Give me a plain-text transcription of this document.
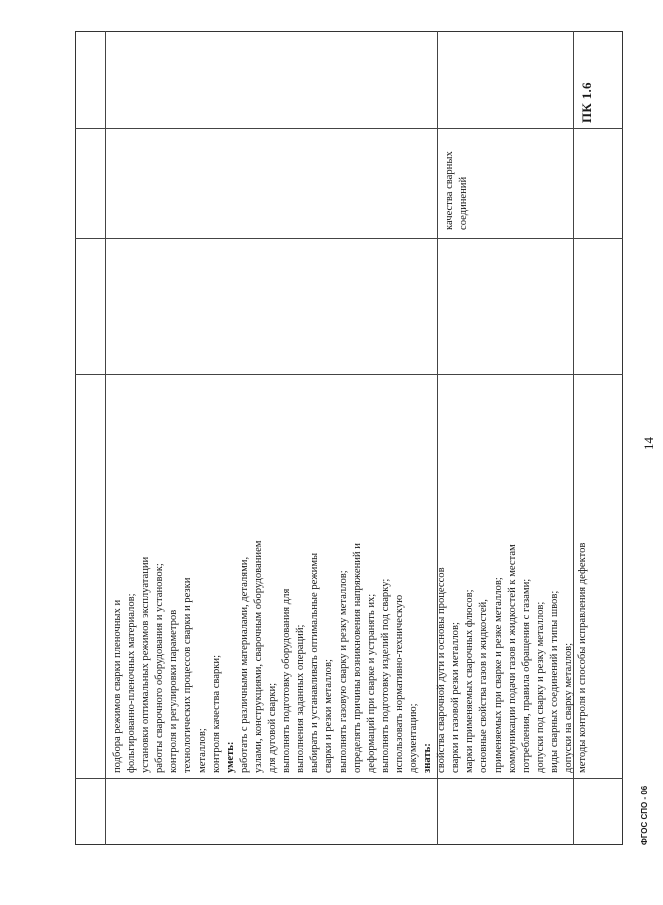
подбора режимов сварки пленочных и фольгированно-пленочных материалов; установки оптимальных режимов эксплуатации работы сварочного оборудования и установок; контроля и регулировки параметров технологических процессов сварки и резки металлов; контроля качества сварки; уметь: работать с различными материалами, деталями, узлами, конструкциями, сварочным оборудованием для дуговой сварки; выполнять подготовку оборудования для выполнения заданных операций; выбирать и устанавливать оптимальные режимы сварки и резки металлов; выполнять газовую сварку и резку металлов; определять причины возникновения напряжений и деформаций при сварке и устранять их; выполнять подготовку изделий под сварку; использовать нормативно-техническую документацию; знать: свойства сварочной дуги и основы процессов сварки и газовой резки металлов; марки применяемых сварочных флюсов; основные свойства газов и жидкостей, применяемых при сварке и резке металлов; коммуникации подачи газов и жидкостей к местам потребления, правила обращения с газами; допуски под сварку и резку металлов; виды сварных соединений и типы швов; допуски на сварку металлов; методы контроля и способы исправления дефектов
качества сварных соединений
ПК 1.6
14
ФГОС СПО - 06
